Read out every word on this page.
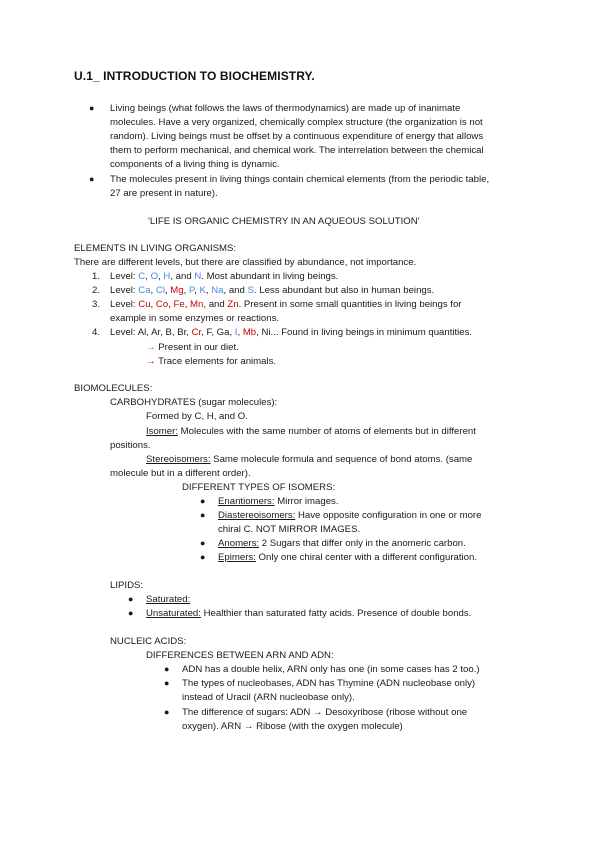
U.1_ INTRODUCTION TO BIOCHEMISTRY.
● Living beings (what follows the laws of thermodynamics) are made up of inanimate
molecules. Have a very organized, chemically complex structure (the organization is not
random). Living beings must be offset by a continuous expenditure of energy that allows
them to perform mechanical, and chemical work. The interrelation between the chemical
components of a living thing is dynamic.
● The molecules present in living things contain chemical elements (from the periodic table,
27 are present in nature).
'LIFE IS ORGANIC CHEMISTRY IN AN AQUEOUS SOLUTION'
ELEMENTS IN LIVING ORGANISMS:
There are different levels, but there are classified by abundance, not importance.
1. Level: C, O, H, and N. Most abundant in living beings.
2. Level: Ca, Cl, Mg, P, K, Na, and S. Less abundant but also in human beings.
3. Level: Cu, Co, Fe, Mn, and Zn. Present in some small quantities in living beings for
example in some enzymes or reactions.
4. Level: Al, Ar, B, Br, Cr, F, Ga, I, Mb, Ni... Found in living beings in minimum quantities.
→ Present in our diet.
→ Trace elements for animals.
BIOMOLECULES:
CARBOHYDRATES (sugar molecules):
Formed by C, H, and O.
Isomer: Molecules with the same number of atoms of elements but in different
positions.
Stereoisomers: Same molecule formula and sequence of bond atoms. (same
molecule but in a different order).
DIFFERENT TYPES OF ISOMERS:
● Enantiomers: Mirror images.
● Diastereoisomers: Have opposite configuration in one or more
chiral C. NOT MIRROR IMAGES.
● Anomers: 2 Sugars that differ only in the anomeric carbon.
● Epimers: Only one chiral center with a different configuration.
LIPIDS:
● Saturated:
● Unsaturated: Healthier than saturated fatty acids. Presence of double bonds.
NUCLEIC ACIDS:
DIFFERENCES BETWEEN ARN AND ADN:
● ADN has a double helix, ARN only has one (in some cases has 2 too.)
● The types of nucleobases, ADN has Thymine (ADN nucleobase only)
instead of Uracil (ARN nucleobase only).
● The difference of sugars: ADN → Desoxyribose (ribose without one
oxygen). ARN → Ribose (with the oxygen molecule)
